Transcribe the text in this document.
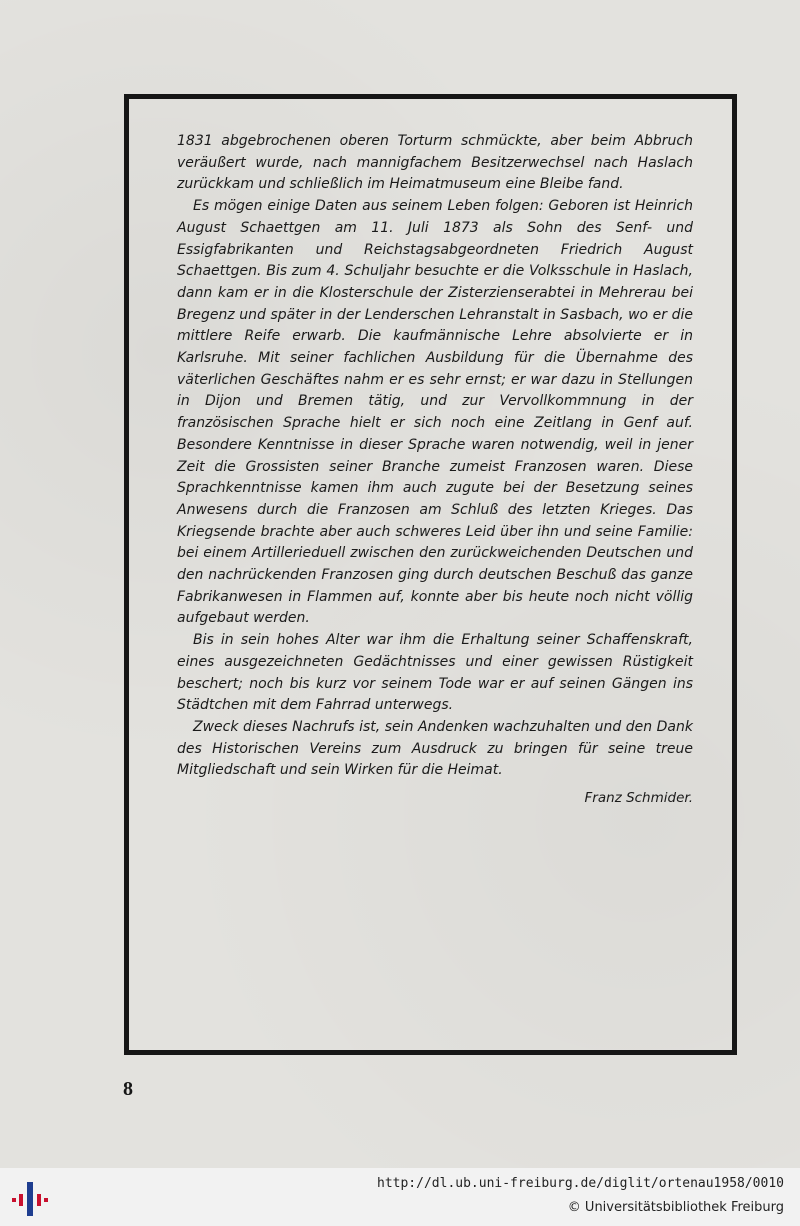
1831 abgebrochenen oberen Torturm schmückte, aber beim Abbruch veräußert wurde, nach mannigfachem Besitzerwechsel nach Haslach zurückkam und schließlich im Heimatmuseum eine Bleibe fand.

Es mögen einige Daten aus seinem Leben folgen: Geboren ist Heinrich August Schaettgen am 11. Juli 1873 als Sohn des Senf- und Essigfabrikanten und Reichstagsabgeordneten Friedrich August Schaettgen. Bis zum 4. Schuljahr besuchte er die Volksschule in Haslach, dann kam er in die Klosterschule der Zisterzienserabtei in Mehrerau bei Bregenz und später in der Lenderschen Lehranstalt in Sasbach, wo er die mittlere Reife erwarb. Die kaufmännische Lehre absolvierte er in Karlsruhe. Mit seiner fachlichen Ausbildung für die Übernahme des väterlichen Geschäftes nahm er es sehr ernst; er war dazu in Stellungen in Dijon und Bremen tätig, und zur Vervollkommnung in der französischen Sprache hielt er sich noch eine Zeitlang in Genf auf. Besondere Kenntnisse in dieser Sprache waren notwendig, weil in jener Zeit die Grossisten seiner Branche zumeist Franzosen waren. Diese Sprachkenntnisse kamen ihm auch zugute bei der Besetzung seines Anwesens durch die Franzosen am Schluß des letzten Krieges. Das Kriegsende brachte aber auch schweres Leid über ihn und seine Familie: bei einem Artillerieduell zwischen den zurückweichenden Deutschen und den nachrückenden Franzosen ging durch deutschen Beschuß das ganze Fabrikanwesen in Flammen auf, konnte aber bis heute noch nicht völlig aufgebaut werden.

Bis in sein hohes Alter war ihm die Erhaltung seiner Schaffenskraft, eines ausgezeichneten Gedächtnisses und einer gewissen Rüstigkeit beschert; noch bis kurz vor seinem Tode war er auf seinen Gängen ins Städtchen mit dem Fahrrad unterwegs.

Zweck dieses Nachrufs ist, sein Andenken wachzuhalten und den Dank des Historischen Vereins zum Ausdruck zu bringen für seine treue Mitgliedschaft und sein Wirken für die Heimat.

Franz Schmider.
8
http://dl.ub.uni-freiburg.de/diglit/ortenau1958/0010
© Universitätsbibliothek Freiburg
